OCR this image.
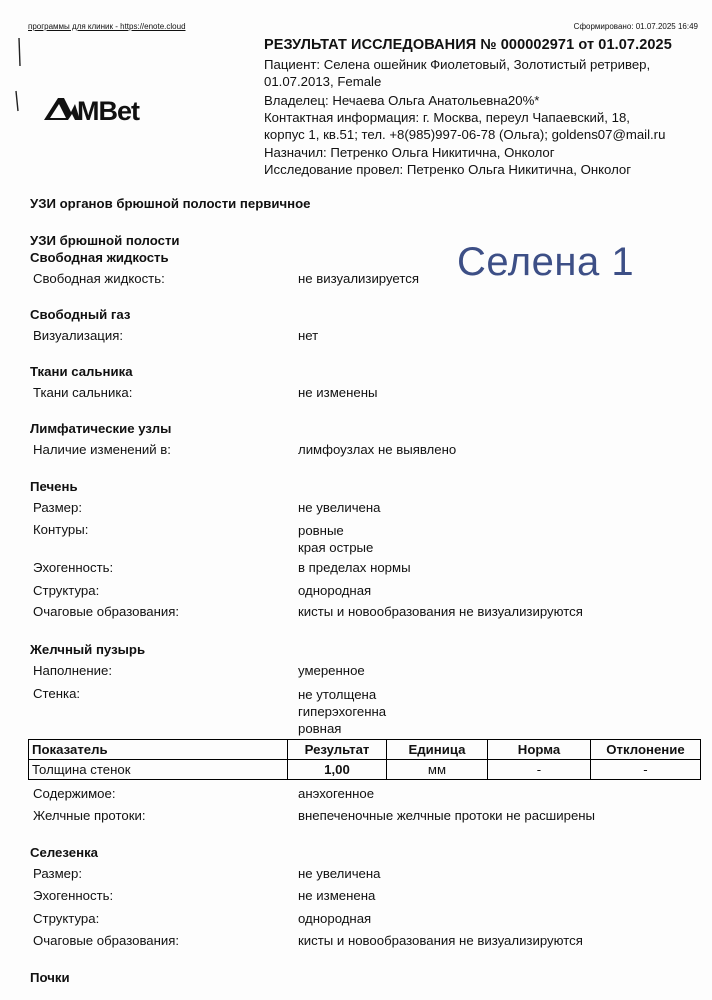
программы для клиник - https://enote.cloud	Сформировано: 01.07.2025 16:49
MBet
РЕЗУЛЬТАТ ИССЛЕДОВАНИЯ № 000002971 от 01.07.2025
Пациент: Селена ошейник Фиолетовый, Золотистый ретривер,
01.07.2013, Female
Владелец: Нечаева Ольга Анатольевна20%*
Контактная информация: г. Москва, переул Чапаевский, 18,
корпус 1, кв.51; тел. +8(985)997-06-78 (Ольга); goldens07@mail.ru
Назначил: Петренко Ольга Никитична, Онколог
Исследование провел: Петренко Ольга Никитична, Онколог
Селена 1
УЗИ органов брюшной полости первичное
УЗИ брюшной полости
Свободная жидкость
Свободная жидкость:	не визуализируется
Свободный газ
Визуализация:	нет
Ткани сальника
Ткани сальника:	не изменены
Лимфатические узлы
Наличие изменений в:	лимфоузлах не выявлено
Печень
Размер:	не увеличена
Контуры:	ровные
края острые
Эхогенность:	в пределах нормы
Структура:	однородная
Очаговые образования:	кисты и новообразования не визуализируются
Желчный пузырь
Наполнение:	умеренное
Стенка:	не утолщена
гиперэхогенна
ровная
Показатель	Результат	Единица	Норма	Отклонение
Толщина стенок	1,00	мм	-	-
Содержимое:	анэхогенное
Желчные протоки:	внепеченочные желчные протоки не расширены
Селезенка
Размер:	не увеличена
Эхогенность:	не изменена
Структура:	однородная
Очаговые образования:	кисты и новообразования не визуализируются
Почки
